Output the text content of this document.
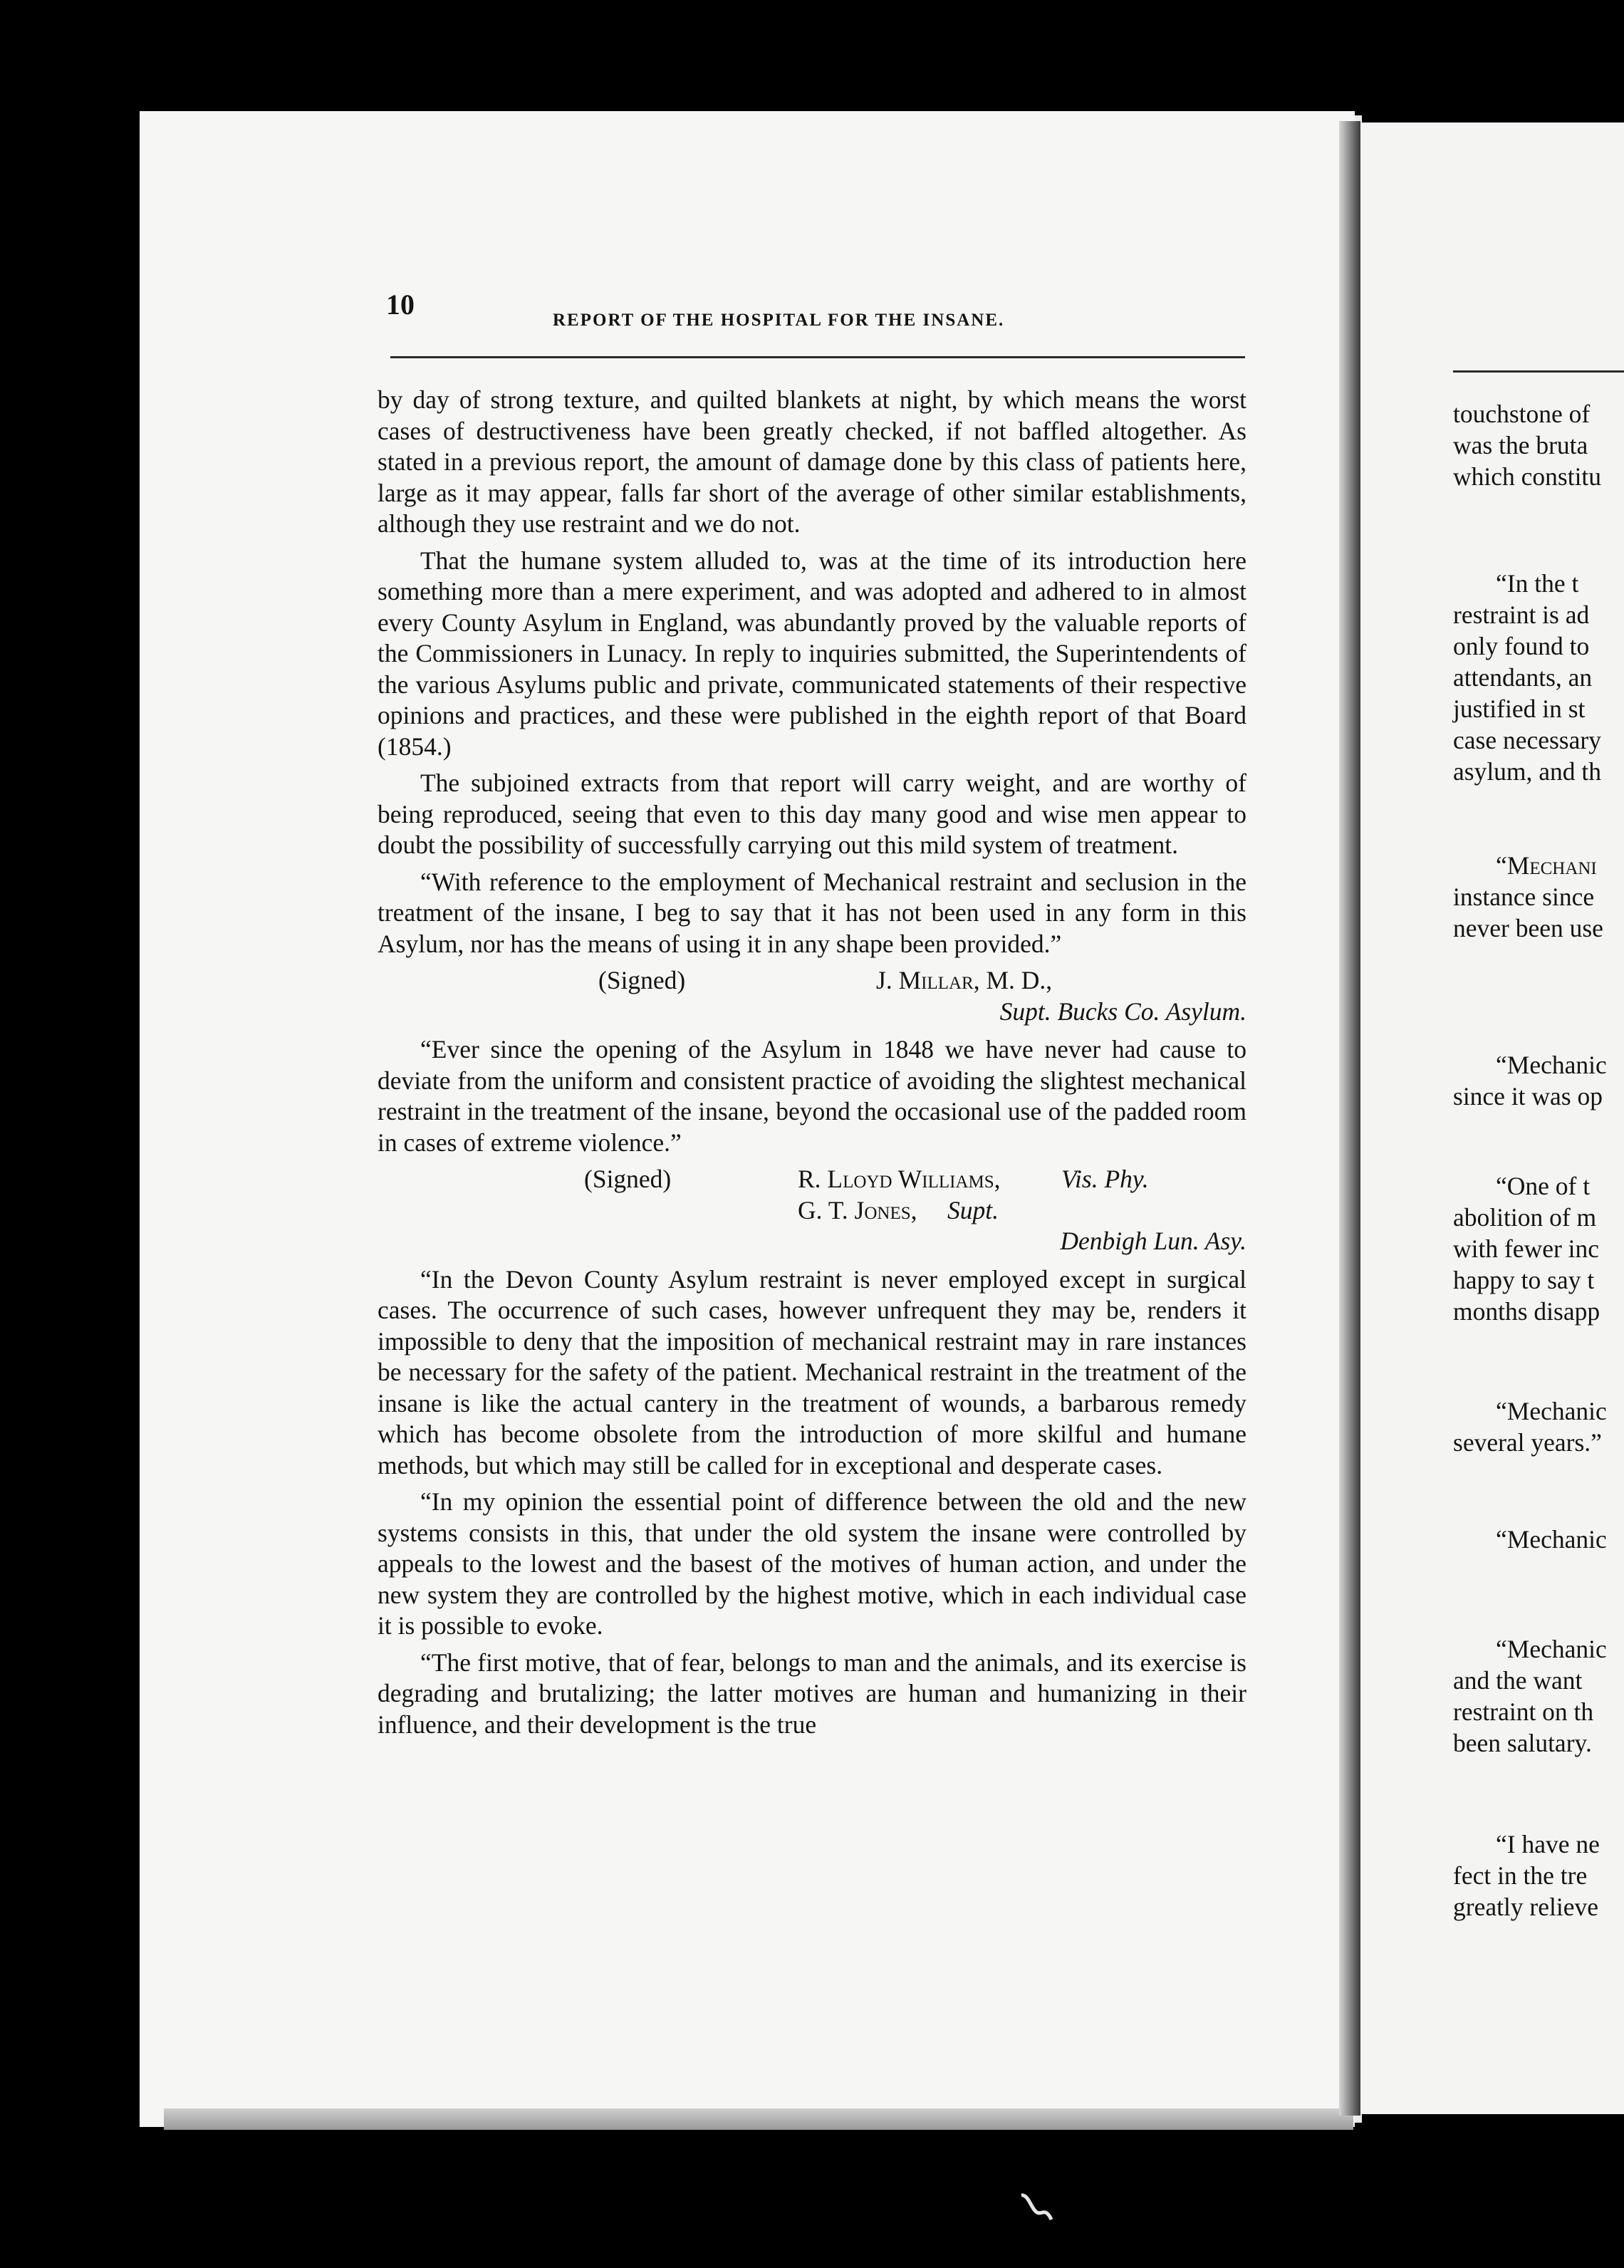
10	REPORT OF THE HOSPITAL FOR THE INSANE.

by day of strong texture, and quilted blankets at night, by which means the worst cases of destructiveness have been greatly checked, if not baffled altogether. As stated in a previous report, the amount of damage done by this class of patients here, large as it may appear, falls far short of the average of other similar establishments, although they use restraint and we do not.

That the humane system alluded to, was at the time of its introduction here something more than a mere experiment, and was adopted and adhered to in almost every County Asylum in England, was abundantly proved by the valuable reports of the Commissioners in Lunacy. In reply to inquiries submitted, the Superintendents of the various Asylums public and private, communicated statements of their respective opinions and practices, and these were published in the eighth report of that Board (1854.)

The subjoined extracts from that report will carry weight, and are worthy of being reproduced, seeing that even to this day many good and wise men appear to doubt the possibility of successfully carrying out this mild system of treatment.

“With reference to the employment of Mechanical restraint and seclusion in the treatment of the insane, I beg to say that it has not been used in any form in this Asylum, nor has the means of using it in any shape been provided.”

(Signed)	J. Millar, M. D.,
Supt. Bucks Co. Asylum.

“Ever since the opening of the Asylum in 1848 we have never had cause to deviate from the uniform and consistent practice of avoiding the slightest mechanical restraint in the treatment of the insane, beyond the occasional use of the padded room in cases of extreme violence.”

(Signed)	R. Lloyd Williams, Vis. Phy.
G. T. Jones, Supt.
Denbigh Lun. Asy.

“In the Devon County Asylum restraint is never employed except in surgical cases. The occurrence of such cases, however unfrequent they may be, renders it impossible to deny that the imposition of mechanical restraint may in rare instances be necessary for the safety of the patient. Mechanical restraint in the treatment of the insane is like the actual cantery in the treatment of wounds, a barbarous remedy which has become obsolete from the introduction of more skilful and humane methods, but which may still be called for in exceptional and desperate cases.

“In my opinion the essential point of difference between the old and the new systems consists in this, that under the old system the insane were controlled by appeals to the lowest and the basest of the motives of human action, and under the new system they are controlled by the highest motive, which in each individual case it is possible to evoke.

“The first motive, that of fear, belongs to man and the animals, and its exercise is degrading and brutalizing; the latter motives are human and humanizing in their influence, and their development is the true

touchstone of
was the bruta
which constitu
“In the t
restraint is ad
only found to
attendants, an
justified in st
case necessary
asylum, and th
“Mechani
instance since
never been use
“Mechanic
since it was op
“One of t
abolition of m
with fewer inc
happy to say t
months disapp
“Mechanic
several years.”
“Mechanic
“Mechanic
and the want
restraint on th
been salutary.
“I have ne
fect in the tre
greatly relieve
